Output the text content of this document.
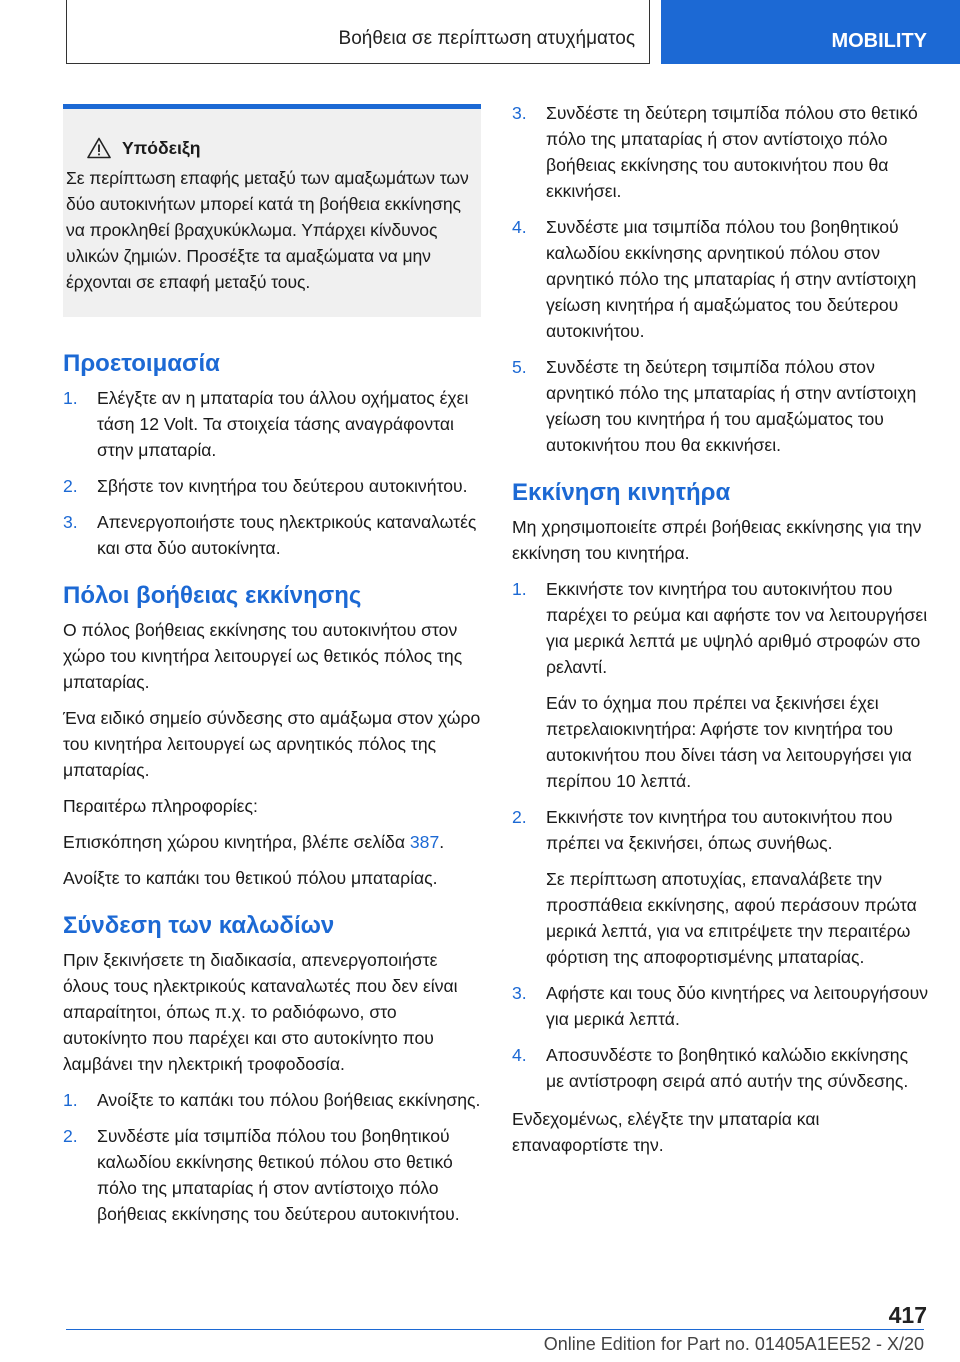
Βοήθεια σε περίπτωση ατυχήματος	MOBILITY
Υπόδειξη

Σε περίπτωση επαφής μεταξύ των αμαξωμάτων των δύο αυτοκινήτων μπορεί κατά τη βοήθεια εκκίνησης να προκληθεί βραχυκύκλωμα. Υπάρχει κίνδυνος υλικών ζημιών. Προσέξτε τα αμαξώματα να μην έρχονται σε επαφή μεταξύ τους.

Προετοιμασία
1. Ελέγξτε αν η μπαταρία του άλλου οχήματος έχει τάση 12 Volt. Τα στοιχεία τάσης αναγράφονται στην μπαταρία.
2. Σβήστε τον κινητήρα του δεύτερου αυτοκινήτου.
3. Απενεργοποιήστε τους ηλεκτρικούς καταναλωτές και στα δύο αυτοκίνητα.
Πόλοι βοήθειας εκκίνησης

Ο πόλος βοήθειας εκκίνησης του αυτοκινήτου στον χώρο του κινητήρα λειτουργεί ως θετικός πόλος της μπαταρίας.

Ένα ειδικό σημείο σύνδεσης στο αμάξωμα στον χώρο του κινητήρα λειτουργεί ως αρνητικός πόλος της μπαταρίας.

Περαιτέρω πληροφορίες:

Επισκόπηση χώρου κινητήρα, βλέπε σελίδα 387.

Ανοίξτε το καπάκι του θετικού πόλου μπαταρίας.

Σύνδεση των καλωδίων

Πριν ξεκινήσετε τη διαδικασία, απενεργοποιήστε όλους τους ηλεκτρικούς καταναλωτές που δεν είναι απαραίτητοι, όπως π.χ. το ραδιόφωνο, στο αυτοκίνητο που παρέχει και στο αυτοκίνητο που λαμβάνει την ηλεκτρική τροφοδοσία.

1. Ανοίξτε το καπάκι του πόλου βοήθειας εκκίνησης.
2. Συνδέστε μία τσιμπίδα πόλου του βοηθητικού καλωδίου εκκίνησης θετικού πόλου στο θετικό πόλο της μπαταρίας ή στον αντίστοιχο πόλο βοήθειας εκκίνησης του δεύτερου αυτοκινήτου.
3. Συνδέστε τη δεύτερη τσιμπίδα πόλου στο θετικό πόλο της μπαταρίας ή στον αντίστοιχο πόλο βοήθειας εκκίνησης του αυτοκινήτου που θα εκκινήσει.
4. Συνδέστε μια τσιμπίδα πόλου του βοηθητικού καλωδίου εκκίνησης αρνητικού πόλου στον αρνητικό πόλο της μπαταρίας ή στην αντίστοιχη γείωση κινητήρα ή αμαξώματος του δεύτερου αυτοκινήτου.
5. Συνδέστε τη δεύτερη τσιμπίδα πόλου στον αρνητικό πόλο της μπαταρίας ή στην αντίστοιχη γείωση του κινητήρα ή του αμαξώματος του αυτοκινήτου που θα εκκινήσει.
Εκκίνηση κινητήρα

Μη χρησιμοποιείτε σπρέι βοήθειας εκκίνησης για την εκκίνηση του κινητήρα.

1. Εκκινήστε τον κινητήρα του αυτοκινήτου που παρέχει το ρεύμα και αφήστε τον να λειτουργήσει για μερικά λεπτά με υψηλό αριθμό στροφών στο ρελαντί.
Εάν το όχημα που πρέπει να ξεκινήσει έχει πετρελαιοκινητήρα: Αφήστε τον κινητήρα του αυτοκινήτου που δίνει τάση να λειτουργήσει για περίπου 10 λεπτά.
2. Εκκινήστε τον κινητήρα του αυτοκινήτου που πρέπει να ξεκινήσει, όπως συνήθως.
Σε περίπτωση αποτυχίας, επαναλάβετε την προσπάθεια εκκίνησης, αφού περάσουν πρώτα μερικά λεπτά, για να επιτρέψετε την περαιτέρω φόρτιση της αποφορτισμένης μπαταρίας.
3. Αφήστε και τους δύο κινητήρες να λειτουργήσουν για μερικά λεπτά.
4. Αποσυνδέστε το βοηθητικό καλώδιο εκκίνησης με αντίστροφη σειρά από αυτήν της σύνδεσης.

Ενδεχομένως, ελέγξτε την μπαταρία και επαναφορτίστε την.

417
Online Edition for Part no. 01405A1EE52 - X/20
